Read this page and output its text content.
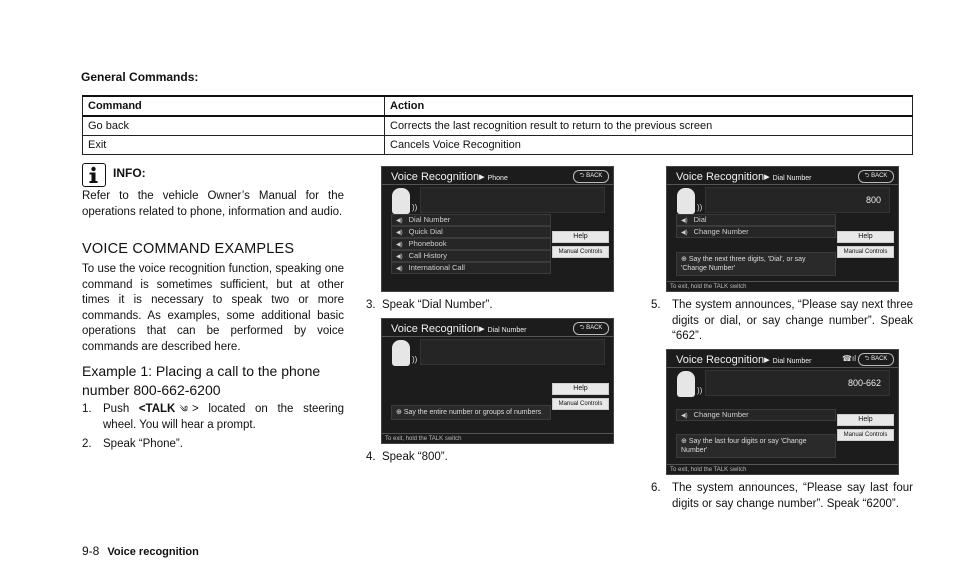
General Commands:
Command	Action
Go back	Corrects the last recognition result to return to the previous screen
Exit	Cancels Voice Recognition
INFO:
Refer to the vehicle Owner’s Manual for the operations related to phone, information and audio.
VOICE COMMAND EXAMPLES
To use the voice recognition function, speaking one command is sometimes sufficient, but at other times it is necessary to speak two or more commands. As examples, some additional basic operations that can be performed by voice commands are described here.
Example 1: Placing a call to the phone number 800-662-6200
1. Push <TALK ༄ > located on the steering wheel. You will hear a prompt.
2. Speak “Phone”.
Voice Recognition▸ Phone	⮌ BACK
))
◀) Dial Number
◀) Quick Dial
◀) Phonebook
◀) Call History
◀) International Call
Help
Manual Controls
3. Speak “Dial Number”.
Voice Recognition▸ Dial Number	⮌ BACK
))
Help
Manual Controls
⊕ Say the entire number or groups of numbers
To exit, hold the TALK switch
4. Speak “800”.
Voice Recognition▸ Dial Number	⮌ BACK
))
800
◀) Dial
◀) Change Number
Help
Manual Controls
⊕ Say the next three digits, 'Dial', or say 'Change Number'
To exit, hold the TALK switch
5. The system announces, “Please say next three digits or dial, or say change number”. Speak “662”.
Voice Recognition▸ Dial Number	☎ıl	⮌ BACK
))
800-662
◀) Change Number
Help
Manual Controls
⊕ Say the last four digits or say 'Change Number'
To exit, hold the TALK switch
6. The system announces, “Please say last four digits or say change number”. Speak “6200”.
9-8 Voice recognition
